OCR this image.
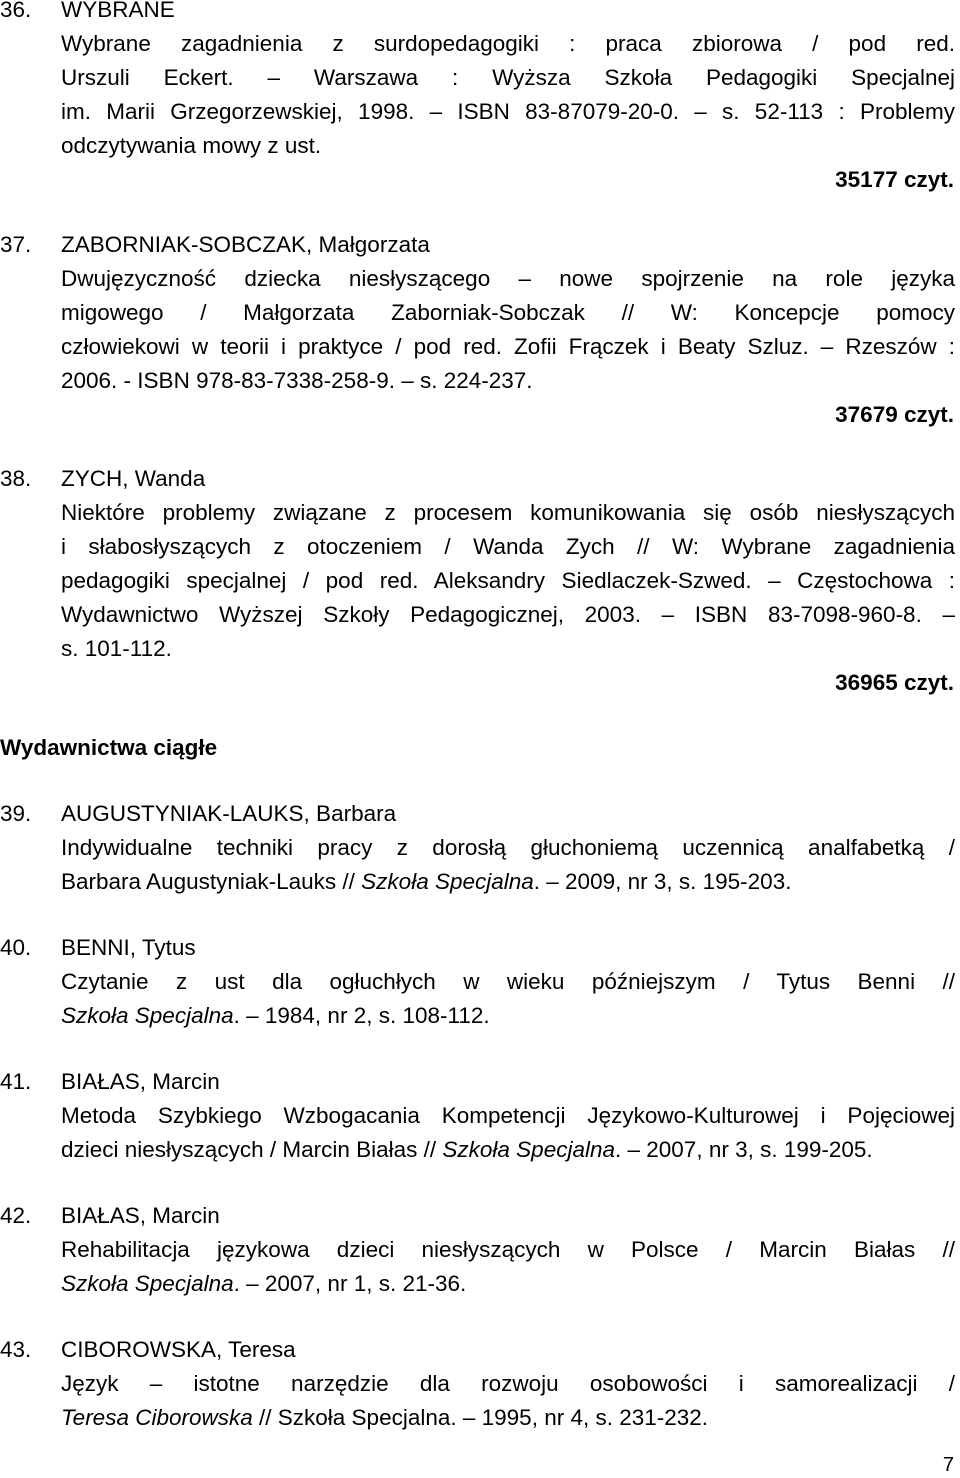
36. WYBRANE
Wybrane zagadnienia z surdopedagogiki : praca zbiorowa / pod red.
Urszuli Eckert. – Warszawa : Wyższa Szkoła Pedagogiki Specjalnej
im. Marii Grzegorzewskiej, 1998. – ISBN 83-87079-20-0. – s. 52-113 : Problemy
odczytywania mowy z ust.
35177 czyt.
37. ZABORNIAK-SOBCZAK, Małgorzata
Dwujęzyczność dziecka niesłyszącego – nowe spojrzenie na role języka
migowego / Małgorzata Zaborniak-Sobczak // W: Koncepcje pomocy
człowiekowi w teorii i praktyce / pod red. Zofii Frączek i Beaty Szluz. – Rzeszów :
2006. - ISBN 978-83-7338-258-9. – s. 224-237.
37679 czyt.
38. ZYCH, Wanda
Niektóre problemy związane z procesem komunikowania się osób niesłyszących
i słabosłyszących z otoczeniem / Wanda Zych // W: Wybrane zagadnienia
pedagogiki specjalnej / pod red. Aleksandry Siedlaczek-Szwed. – Częstochowa :
Wydawnictwo Wyższej Szkoły Pedagogicznej, 2003. – ISBN 83-7098-960-8. –
s. 101-112.
36965 czyt.
Wydawnictwa ciągłe
39. AUGUSTYNIAK-LAUKS, Barbara
Indywidualne techniki pracy z dorosłą głuchoniemą uczennicą analfabetką /
Barbara Augustyniak-Lauks // Szkoła Specjalna. – 2009, nr 3, s. 195-203.
40. BENNI, Tytus
Czytanie z ust dla ogłuchłych w wieku późniejszym / Tytus Benni //
Szkoła Specjalna. – 1984, nr 2, s. 108-112.
41. BIAŁAS, Marcin
Metoda Szybkiego Wzbogacania Kompetencji Językowo-Kulturowej i Pojęciowej
dzieci niesłyszących / Marcin Białas // Szkoła Specjalna. – 2007, nr 3, s. 199-205.
42. BIAŁAS, Marcin
Rehabilitacja językowa dzieci niesłyszących w Polsce / Marcin Białas //
Szkoła Specjalna. – 2007, nr 1, s. 21-36.
43. CIBOROWSKA, Teresa
Język – istotne narzędzie dla rozwoju osobowości i samorealizacji /
Teresa Ciborowska // Szkoła Specjalna. – 1995, nr 4, s. 231-232.
7
